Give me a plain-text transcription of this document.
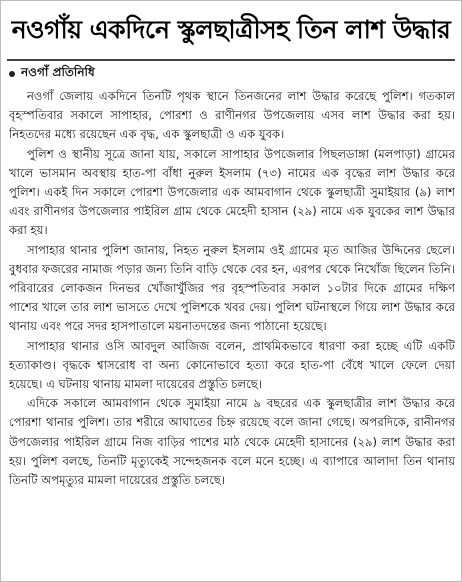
নওগাঁয় একদিনে স্কুলছাত্রীসহ তিন লাশ উদ্ধার
নওগাঁ প্রতিনিধি

নওগাঁ জেলায় একদিনে তিনটি পৃথক স্থানে তিনজনের লাশ উদ্ধার করেছে পুলিশ। গতকাল বৃহস্পতিবার সকালে সাপাহার, পোরশা ও রাণীনগর উপজেলায় এসব লাশ উদ্ধার করা হয়। নিহতদের মধ্যে রয়েছেন এক বৃদ্ধ, এক স্কুলছাত্রী ও এক যুবক।

পুলিশ ও স্থানীয় সূত্রে জানা যায়, সকালে সাপাহার উপজেলার পিছলডাঙ্গা (মলপাড়া) গ্রামের খালে ভাসমান অবস্থায় হাত-পা বাঁধা নুরুল ইসলাম (৭৩) নামের এক বৃদ্ধের লাশ উদ্ধার করে পুলিশ। একই দিন সকালে পোরশা উপজেলার এক আমবাগান থেকে স্কুলছাত্রী সুমাইয়ার (৯) লাশ এবং রাণীনগর উপজেলার পাইরিল গ্রাম থেকে মেহেদী হাসান (২৯) নামে এক যুবকের লাশ উদ্ধার করা হয়।

সাপাহার থানার পুলিশ জানায়, নিহত নুরুল ইসলাম ওই গ্রামের মৃত আজির উদ্দিনের ছেলে। বুধবার ফজরের নামাজ পড়ার জন্য তিনি বাড়ি থেকে বের হন, এরপর থেকে নিখোঁজ ছিলেন তিনি। পরিবারের লোকজন দিনভর খোঁজাখুঁজির পর বৃহস্পতিবার সকাল ১০টার দিকে গ্রামের দক্ষিণ পাশের খালে তার লাশ ভাসতে দেখে পুলিশকে খবর দেয়। পুলিশ ঘটনাস্থলে গিয়ে লাশ উদ্ধার করে থানায় এবং পরে সদর হাসপাতালে ময়নাতদন্তের জন্য পাঠানো হয়েছে।

সাপাহার থানার ওসি আবদুল আজিজ বলেন, প্রাথমিকভাবে ধারণা করা হচ্ছে এটি একটি হত্যাকাণ্ড। বৃদ্ধকে শ্বাসরোধ বা অন্য কোনোভাবে হত্যা করে হাত-পা বেঁধে খালে ফেলে দেয়া হয়েছে। এ ঘটনায় থানায় মামলা দায়েরের প্রস্তুতি চলছে।

এদিকে সকালে আমবাগান থেকে সুমাইয়া নামে ৯ বছরের এক স্কুলছাত্রীর লাশ উদ্ধার করে পোরশা থানার পুলিশ। তার শরীরে আঘাতের চিহ্ন রয়েছে বলে জানা গেছে। অপরদিকে, রানীনগর উপজেলার পাইরিল গ্রামে নিজ বাড়ির পাশের মাঠ থেকে মেহেদী হাসানের (২৯) লাশ উদ্ধার করা হয়। পুলিশ বলছে, তিনটি মৃত্যুকেই সন্দেহজনক বলে মনে হচ্ছে। এ ব্যাপারে আলাদা তিন থানায় তিনটি অপমৃত্যুর মামলা দায়েরের প্রস্তুতি চলছে।
